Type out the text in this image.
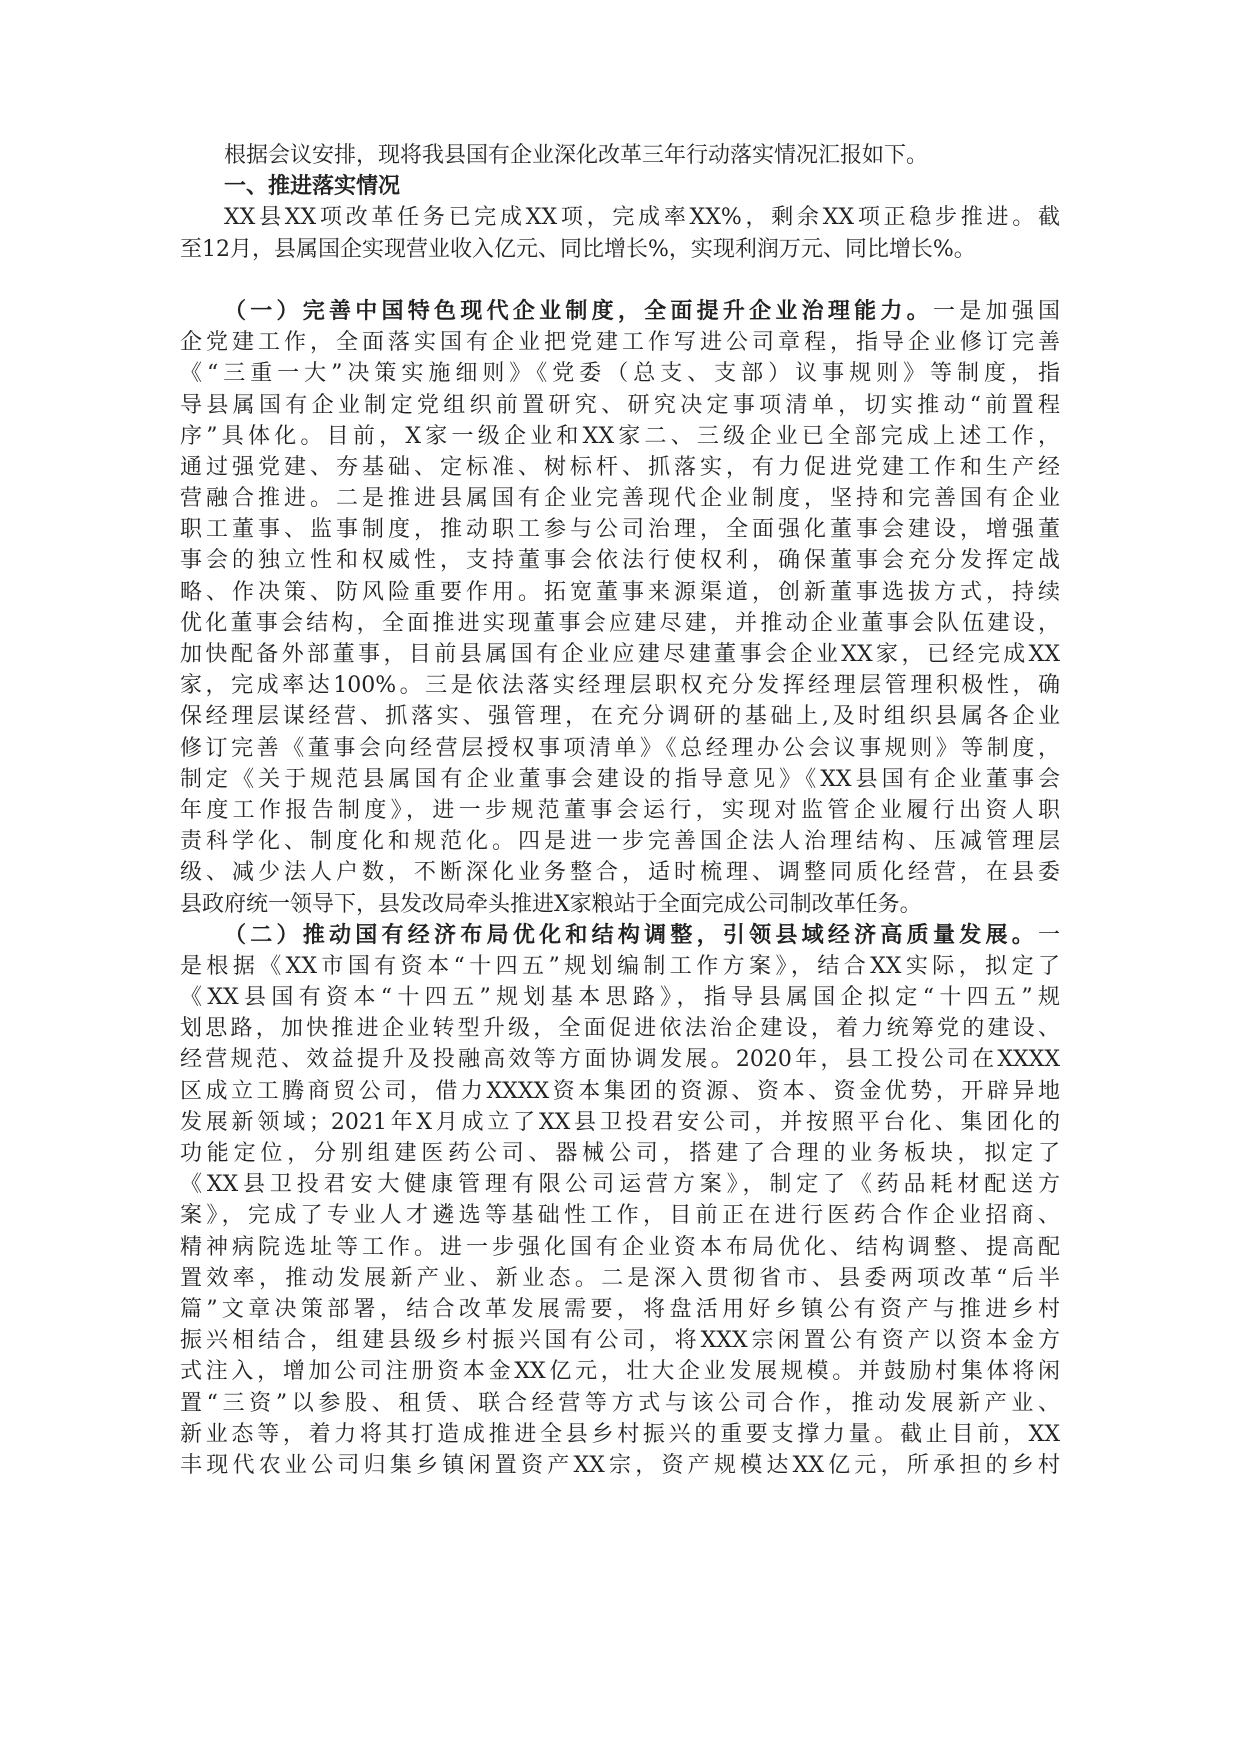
根据会议安排，现将我县国有企业深化改革三年行动落实情况汇报如下。
一、推进落实情况
XX县XX项改革任务已完成XX项，完成率XX%，剩余XX项正稳步推进。截
至12月，县属国企实现营业收入亿元、同比增长%，实现利润万元、同比增长%。
（一）完善中国特色现代企业制度，全面提升企业治理能力。一是加强国
企党建工作，全面落实国有企业把党建工作写进公司章程，指导企业修订完善
《“三重一大”决策实施细则》《党委（总支、支部）议事规则》等制度，指
导县属国有企业制定党组织前置研究、研究决定事项清单，切实推动“前置程
序”具体化。目前，X家一级企业和XX家二、三级企业已全部完成上述工作，
通过强党建、夯基础、定标准、树标杆、抓落实，有力促进党建工作和生产经
营融合推进。二是推进县属国有企业完善现代企业制度，坚持和完善国有企业
职工董事、监事制度，推动职工参与公司治理，全面强化董事会建设，增强董
事会的独立性和权威性，支持董事会依法行使权利，确保董事会充分发挥定战
略、作决策、防风险重要作用。拓宽董事来源渠道，创新董事选拔方式，持续
优化董事会结构，全面推进实现董事会应建尽建，并推动企业董事会队伍建设，
加快配备外部董事，目前县属国有企业应建尽建董事会企业XX家，已经完成XX
家，完成率达100%。三是依法落实经理层职权充分发挥经理层管理积极性，确
保经理层谋经营、抓落实、强管理，在充分调研的基础上,及时组织县属各企业
修订完善《董事会向经营层授权事项清单》《总经理办公会议事规则》等制度，
制定《关于规范县属国有企业董事会建设的指导意见》《XX县国有企业董事会
年度工作报告制度》，进一步规范董事会运行，实现对监管企业履行出资人职
责科学化、制度化和规范化。四是进一步完善国企法人治理结构、压减管理层
级、减少法人户数，不断深化业务整合，适时梳理、调整同质化经营，在县委
县政府统一领导下，县发改局牵头推进X家粮站于全面完成公司制改革任务。
（二）推动国有经济布局优化和结构调整，引领县域经济高质量发展。一
是根据《XX市国有资本“十四五”规划编制工作方案》，结合XX实际，拟定了
《XX县国有资本“十四五”规划基本思路》，指导县属国企拟定“十四五”规
划思路，加快推进企业转型升级，全面促进依法治企建设，着力统筹党的建设、
经营规范、效益提升及投融高效等方面协调发展。2020年，县工投公司在XXXX
区成立工腾商贸公司，借力XXXX资本集团的资源、资本、资金优势，开辟异地
发展新领域；2021年X月成立了XX县卫投君安公司，并按照平台化、集团化的
功能定位，分别组建医药公司、器械公司，搭建了合理的业务板块，拟定了
《XX县卫投君安大健康管理有限公司运营方案》，制定了《药品耗材配送方
案》，完成了专业人才遴选等基础性工作，目前正在进行医药合作企业招商、
精神病院选址等工作。进一步强化国有企业资本布局优化、结构调整、提高配
置效率，推动发展新产业、新业态。二是深入贯彻省市、县委两项改革“后半
篇”文章决策部署，结合改革发展需要，将盘活用好乡镇公有资产与推进乡村
振兴相结合，组建县级乡村振兴国有公司，将XXX宗闲置公有资产以资本金方
式注入，增加公司注册资本金XX亿元，壮大企业发展规模。并鼓励村集体将闲
置“三资”以参股、租赁、联合经营等方式与该公司合作，推动发展新产业、
新业态等，着力将其打造成推进全县乡村振兴的重要支撑力量。截止目前，XX
丰现代农业公司归集乡镇闲置资产XX宗，资产规模达XX亿元，所承担的乡村
